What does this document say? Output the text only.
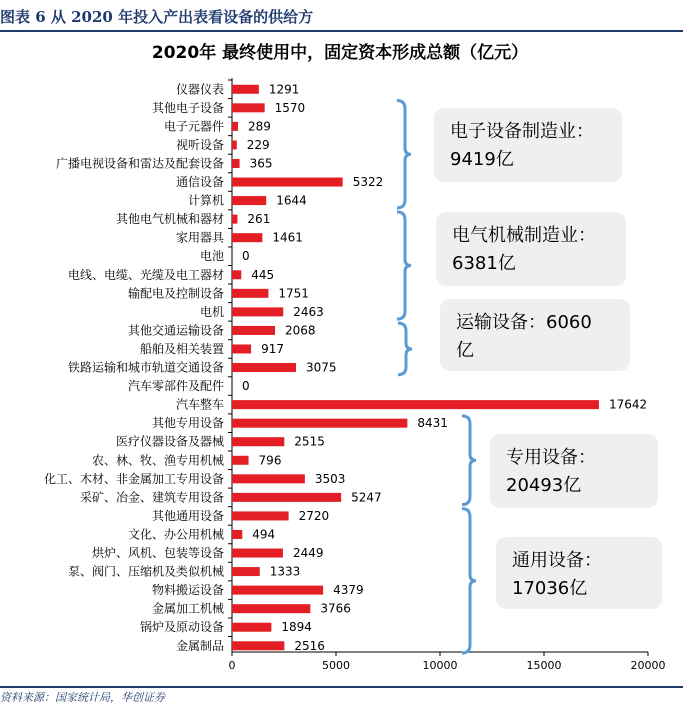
图表 6 从 2020 年投入产出表看设备的供给方
2020年 最终使用中，固定资本形成总额（亿元）
0	5000	10000	15000	20000
仪器仪表	1291
其他电子设备	1570
电子元器件 289
视听设备 229
广播电视设备和雷达及配套设备 365
通信设备	5322
计算机	1644
其他电气机械和器材 261
家用器具	1461
电池 0
电线、电缆、光缆及电工器材 445
输配电及控制设备	1751
电机	2463
其他交通运输设备	2068
船舶及相关装置	917
铁路运输和城市轨道交通设备	3075
汽车零部件及配件 0
汽车整车	17642
其他专用设备	8431
医疗仪器设备及器械	2515
农、林、牧、渔专用机械	796
化工、木材、非金属加工专用设备	3503
采矿、冶金、建筑专用设备	5247
其他通用设备	2720
文化、办公用机械 494
烘炉、风机、包装等设备	2449
泵、阀门、压缩机及类似机械	1333
物料搬运设备	4379
金属加工机械	3766
锅炉及原动设备	1894
金属制品	2516
电子设备制造业：
9419亿
电气机械制造业：
6381亿
运输设备：6060
亿
专用设备：
20493亿
通用设备：
17036亿
资料来源：国家统计局，华创证券
